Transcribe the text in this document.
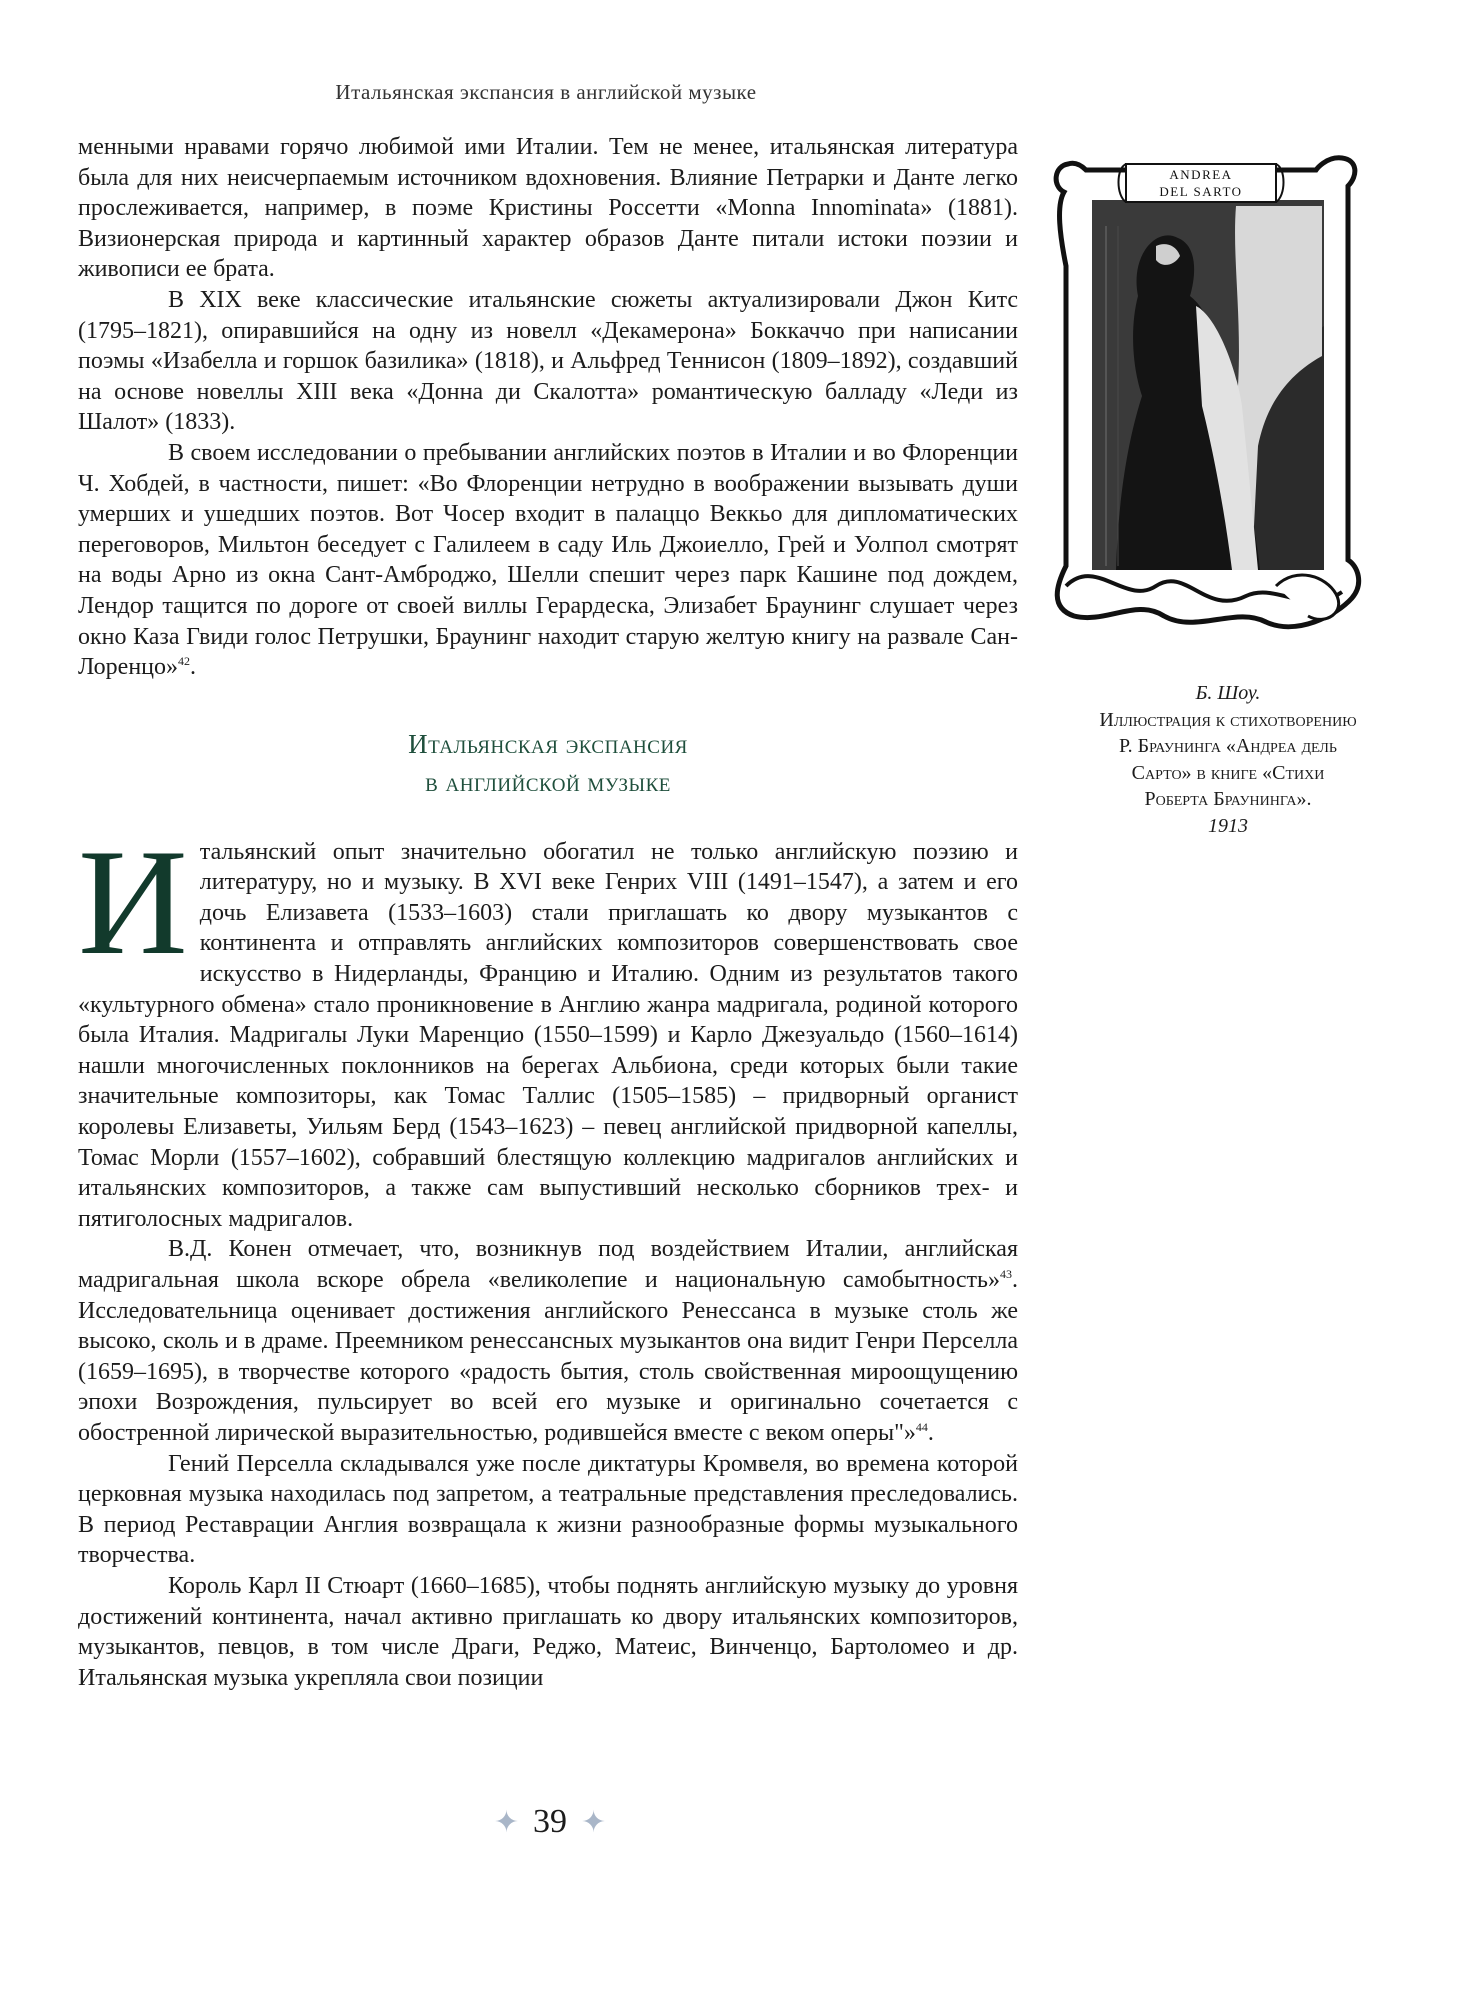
Итальянская экспансия в английской музыке

менными нравами горячо любимой ими Италии. Тем не менее, итальянская литература была для них неисчерпаемым источником вдохновения. Влияние Петрарки и Данте легко прослеживается, например, в поэме Кристины Россетти «Monna Innominata» (1881). Визионерская природа и картинный характер образов Данте питали истоки поэзии и живописи ее брата.

В XIX веке классические итальянские сюжеты актуализировали Джон Китс (1795–1821), опиравшийся на одну из новелл «Декамерона» Боккаччо при написании поэмы «Изабелла и горшок базилика» (1818), и Альфред Теннисон (1809–1892), создавший на основе новеллы XIII века «Донна ди Скалотта» романтическую балладу «Леди из Шалот» (1833).

В своем исследовании о пребывании английских поэтов в Италии и во Флоренции Ч. Хобдей, в частности, пишет: «Во Флоренции нетрудно в воображении вызывать души умерших и ушедших поэтов. Вот Чосер входит в палаццо Веккьо для дипломатических переговоров, Мильтон беседует с Галилеем в саду Иль Джоиелло, Грей и Уолпол смотрят на воды Арно из окна Сант-Амброджо, Шелли спешит через парк Кашине под дождем, Лендор тащится по дороге от своей виллы Герардеска, Элизабет Браунинг слушает через окно Каза Гвиди голос Петрушки, Браунинг находит старую желтую книгу на развале Сан-Лоренцо»$^{42}$.

Итальянская экспансия
в английской музыке

Итальянский опыт значительно обогатил не только английскую поэзию и литературу, но и музыку. В XVI веке Генрих VIII (1491–1547), а затем и его дочь Елизавета (1533–1603) стали приглашать ко двору музыкантов с континента и отправлять английских композиторов совершенствовать свое искусство в Нидерланды, Францию и Италию. Одним из результатов такого «культурного обмена» стало проникновение в Англию жанра мадригала, родиной которого была Италия. Мадригалы Луки Маренцио (1550–1599) и Карло Джезуальдо (1560–1614) нашли многочисленных поклонников на берегах Альбиона, среди которых были такие значительные композиторы, как Томас Таллис (1505–1585) – придворный органист королевы Елизаветы, Уильям Берд (1543–1623) – певец английской придворной капеллы, Томас Морли (1557–1602), собравший блестящую коллекцию мадригалов английских и итальянских композиторов, а также сам выпустивший несколько сборников трех- и пятиголосных мадригалов.

В.Д. Конен отмечает, что, возникнув под воздействием Италии, английская мадригальная школа вскоре обрела «великолепие и национальную самобытность»$^{43}$. Исследовательница оценивает достижения английского Ренессанса в музыке столь же высоко, сколь и в драме. Преемником ренессансных музыкантов она видит Генри Перселла (1659–1695), в творчестве которого «радость бытия, столь свойственная мироощущению эпохи Возрождения, пульсирует во всей его музыке и оригинально сочетается с обостренной лирической выразительностью, родившейся вместе с веком оперы"»$^{44}$.

Гений Перселла складывался уже после диктатуры Кромвеля, во времена которой церковная музыка находилась под запретом, а театральные представления преследовались. В период Реставрации Англия возвращала к жизни разнообразные формы музыкального творчества.

Король Карл II Стюарт (1660–1685), чтобы поднять английскую музыку до уровня достижений континента, начал активно приглашать ко двору итальянских композиторов, музыкантов, певцов, в том числе Драги, Реджо, Матеис, Винченцо, Бартоломео и др. Итальянская музыка укрепляла свои позиции

ANDREA
DEL SARTO
Б. Шоу.
Иллюстрация к стихотворению Р. Браунинга «Андреа дель Сарто» в книге «Стихи Роберта Браунинга».
1913
✦ 39 ✦
